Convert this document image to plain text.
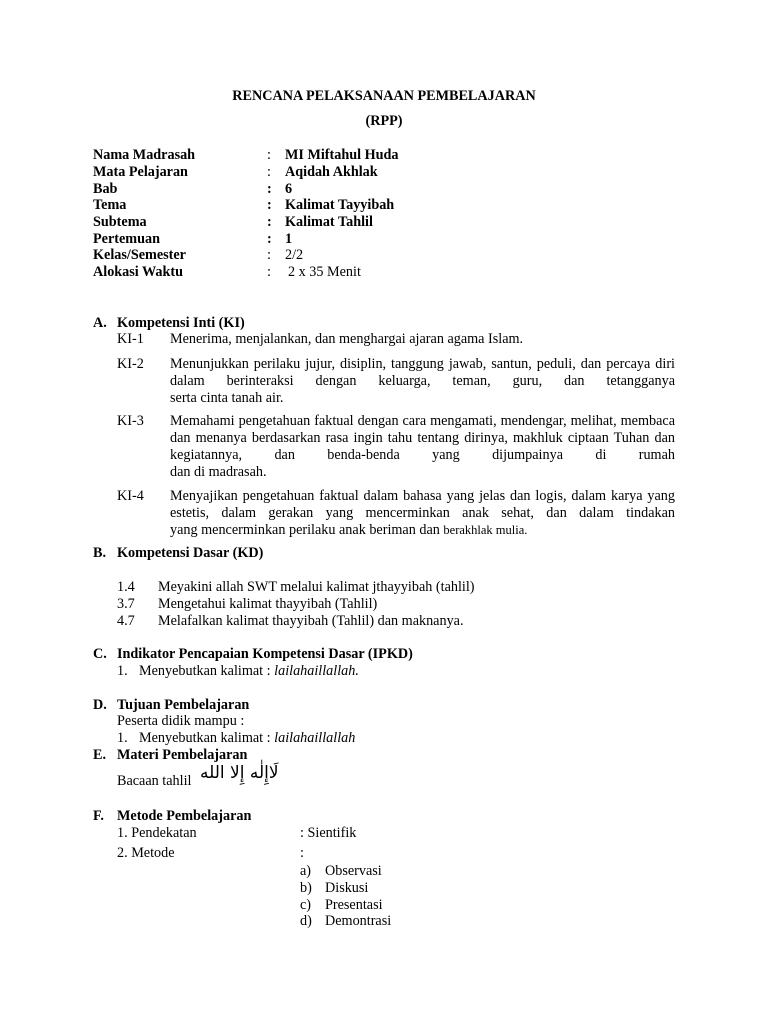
RENCANA PELAKSANAAN PEMBELAJARAN
(RPP)
Nama Madrasah	: MI Miftahul Huda
Mata Pelajaran	: Aqidah Akhlak
Bab	: 6
Tema	: Kalimat Tayyibah
Subtema	: Kalimat Tahlil
Pertemuan	: 1
Kelas/Semester	: 2/2
Alokasi Waktu	: 2 x 35 Menit
A. Kompetensi Inti (KI)
KI-1 Menerima, menjalankan, dan menghargai ajaran agama Islam.
KI-2 Menunjukkan perilaku jujur, disiplin, tanggung jawab, santun, peduli, dan percaya diri dalam berinteraksi dengan keluarga, teman, guru, dan tetangganya
serta cinta tanah air.
KI-3 Memahami pengetahuan faktual dengan cara mengamati, mendengar, melihat, membaca dan menanya berdasarkan rasa ingin tahu tentang dirinya, makhluk ciptaan Tuhan dan kegiatannya, dan benda-benda yang dijumpainya di rumah
dan di madrasah.
KI-4 Menyajikan pengetahuan faktual dalam bahasa yang jelas dan logis, dalam karya yang estetis, dalam gerakan yang mencerminkan anak sehat, dan dalam tindakan
yang mencerminkan perilaku anak beriman dan berakhlak mulia.
B. Kompetensi Dasar (KD)
1.4 Meyakini allah SWT melalui kalimat jthayyibah (tahlil)
3.7 Mengetahui kalimat thayyibah (Tahlil)
4.7 Melafalkan kalimat thayyibah (Tahlil) dan maknanya.
C. Indikator Pencapaian Kompetensi Dasar (IPKD)
1. Menyebutkan kalimat : lailahaillallah.
D. Tujuan Pembelajaran
Peserta didik mampu :
1. Menyebutkan kalimat : lailahaillallah
E. Materi Pembelajaran
Bacaan tahlil لَاإِلٰه إِلا الله
F. Metode Pembelajaran
1. Pendekatan	: Sientifik
2. Metode	:
a) Observasi
b) Diskusi
c) Presentasi
d) Demontrasi
